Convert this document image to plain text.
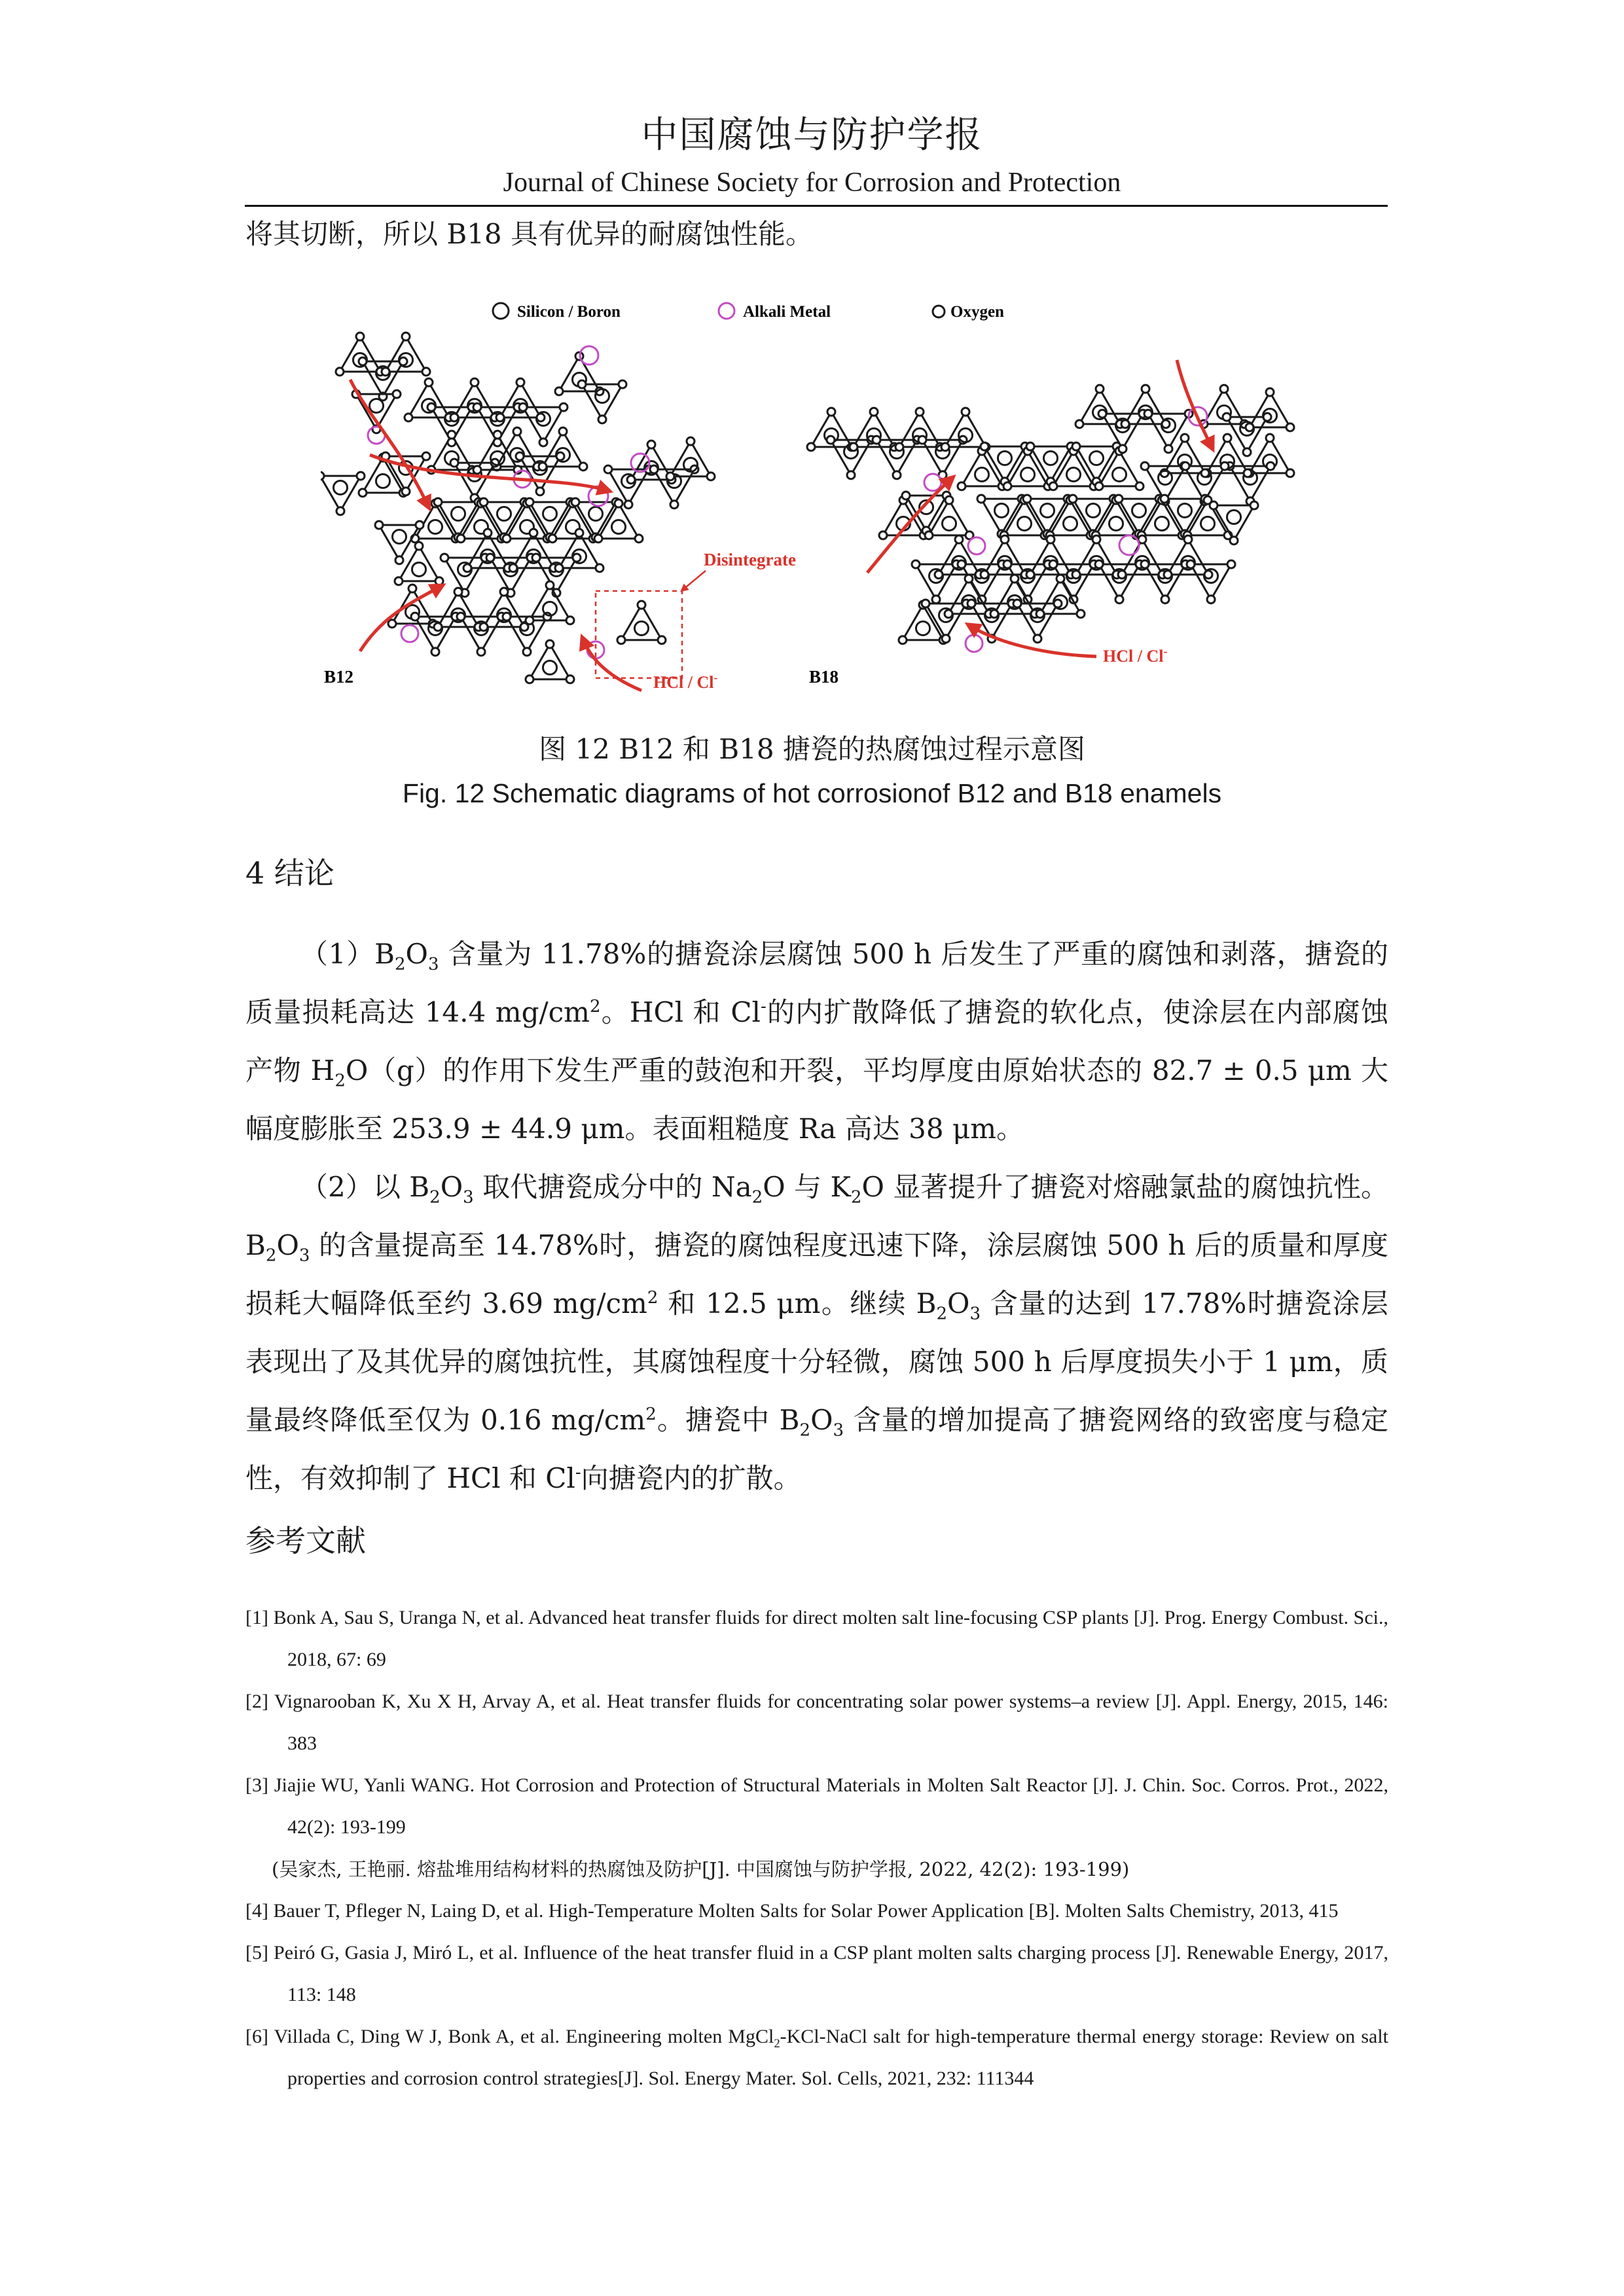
中国腐蚀与防护学报
Journal of Chinese Society for Corrosion and Protection
将其切断，所以 B18 具有优异的耐腐蚀性能。
Silicon / Boron	Alkali Metal	Oxygen
Disintegrate
HCl / Cl-
HCl / Cl-
B12	B18
图 12 B12 和 B18 搪瓷的热腐蚀过程示意图
Fig. 12 Schematic diagrams of hot corrosionof B12 and B18 enamels
4 结论

$(1)B_2O_3$ 含量为 11.78%的搪瓷涂层腐蚀 500 h 后发生了严重的腐蚀和剥落，搪瓷的质量损耗高达 14.4 $mg/cm^2$。HCl 和 Cl-的内扩散降低了搪瓷的软化点，使涂层在内部腐蚀产物 $H_2O(g)$的作用下发生严重的鼓泡和开裂，平均厚度由原始状态的 82.7 ± 0.5 μm 大幅度膨胀至 253.9 ± 44.9 μm。表面粗糙度 Ra 高达 38 μm。

（2）以 $B_2O_3$ 取代搪瓷成分中的 $Na_2O$ 与 $K_2O$ 显著提升了搪瓷对熔融氯盐的腐蚀抗性。$B_2O_3$ 的含量提高至 14.78%时，搪瓷的腐蚀程度迅速下降，涂层腐蚀 500 h 后的质量和厚度损耗大幅降低至约 3.69 $mg/cm^2$ 和 12.5 μm。继续 $B_2O_3$ 含量的达到 17.78%时搪瓷涂层表现出了及其优异的腐蚀抗性，其腐蚀程度十分轻微，腐蚀 500 h 后厚度损失小于 1 μm，质量最终降低至仅为 0.16 $mg/cm^2$。搪瓷中 $B_2O_3$ 含量的增加提高了搪瓷网络的致密度与稳定性，有效抑制了 HCl 和 Cl-向搪瓷内的扩散。

参考文献
[1] Bonk A, Sau S, Uranga N, et al. Advanced heat transfer fluids for direct molten salt line-focusing CSP plants [J]. Prog. Energy Combust. Sci., 2018, 67: 69
[2] Vignarooban K, Xu X H, Arvay A, et al. Heat transfer fluids for concentrating solar power systems–a review [J]. Appl. Energy, 2015, 146: 383
[3] Jiajie WU, Yanli WANG. Hot Corrosion and Protection of Structural Materials in Molten Salt Reactor [J]. J. Chin. Soc. Corros. Prot., 2022, 42(2): 193-199
(吴家杰, 王艳丽. 熔盐堆用结构材料的热腐蚀及防护[J]. 中国腐蚀与防护学报, 2022, 42(2): 193-199)
[4] Bauer T, Pfleger N, Laing D, et al. High-Temperature Molten Salts for Solar Power Application [B]. Molten Salts Chemistry, 2013, 415
[5] Peiró G, Gasia J, Miró L, et al. Influence of the heat transfer fluid in a CSP plant molten salts charging process [J]. Renewable Energy, 2017, 113: 148
[6] Villada C, Ding W J, Bonk A, et al. Engineering molten MgCl$_2$-KCl-NaCl salt for high-temperature thermal energy storage: Review on salt properties and corrosion control strategies[J]. Sol. Energy Mater. Sol. Cells, 2021, 232: 111344
